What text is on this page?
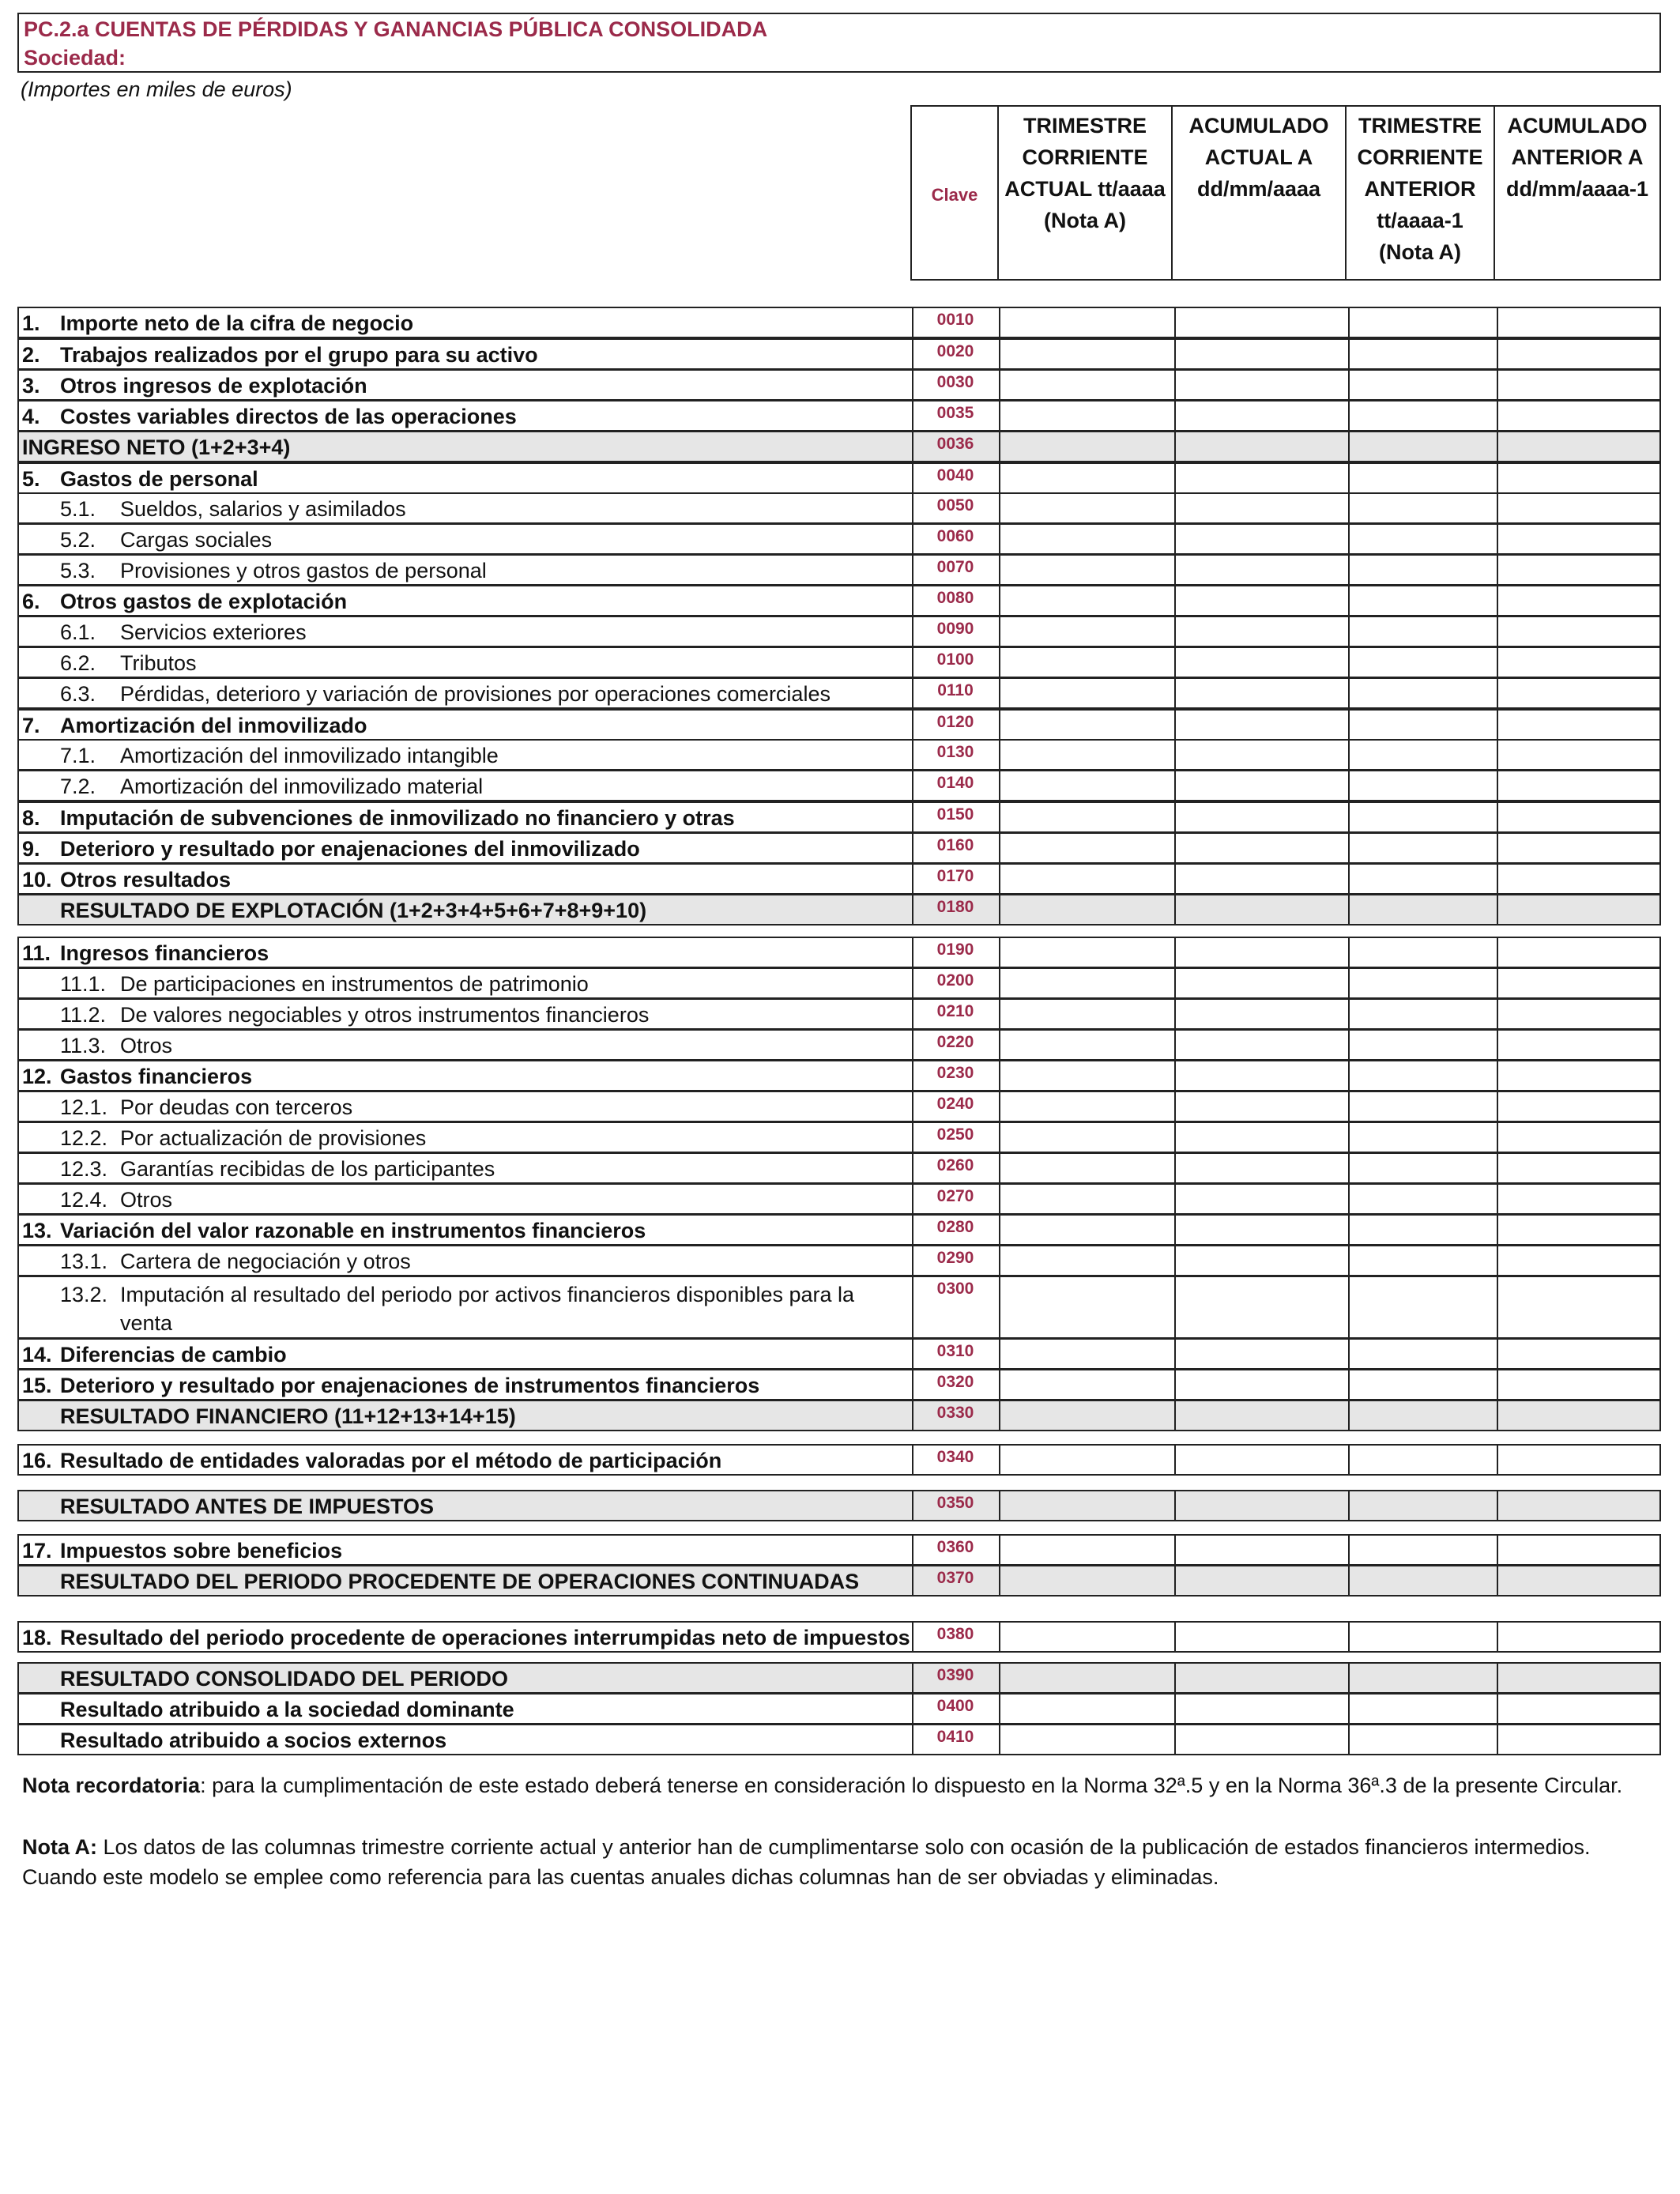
PC.2.a CUENTAS DE PÉRDIDAS Y GANANCIAS PÚBLICA CONSOLIDADA
Sociedad:
(Importes en miles de euros)
Clave
TRIMESTRE
CORRIENTE
ACTUAL tt/aaaa
(Nota A)
ACUMULADO
ACTUAL A
dd/mm/aaaa
TRIMESTRE
CORRIENTE
ANTERIOR
tt/aaaa-1
(Nota A)
ACUMULADO
ANTERIOR A
dd/mm/aaaa-1
1. Importe neto de la cifra de negocio	0010
2. Trabajos realizados por el grupo para su activo	0020
3. Otros ingresos de explotación	0030
4. Costes variables directos de las operaciones	0035
INGRESO NETO (1+2+3+4)	0036
5. Gastos de personal	0040
5.1. Sueldos, salarios y asimilados	0050
5.2. Cargas sociales	0060
5.3. Provisiones y otros gastos de personal	0070
6. Otros gastos de explotación	0080
6.1. Servicios exteriores	0090
6.2. Tributos	0100
6.3. Pérdidas, deterioro y variación de provisiones por operaciones comerciales	0110
7. Amortización del inmovilizado	0120
7.1. Amortización del inmovilizado intangible	0130
7.2. Amortización del inmovilizado material	0140
8. Imputación de subvenciones de inmovilizado no financiero y otras	0150
9. Deterioro y resultado por enajenaciones del inmovilizado	0160
10. Otros resultados	0170
RESULTADO DE EXPLOTACIÓN (1+2+3+4+5+6+7+8+9+10)	0180
11. Ingresos financieros	0190
11.1. De participaciones en instrumentos de patrimonio	0200
11.2. De valores negociables y otros instrumentos financieros	0210
11.3. Otros	0220
12. Gastos financieros	0230
12.1. Por deudas con terceros	0240
12.2. Por actualización de provisiones	0250
12.3. Garantías recibidas de los participantes	0260
12.4. Otros	0270
13. Variación del valor razonable en instrumentos financieros	0280
13.1. Cartera de negociación y otros	0290
13.2. Imputación al resultado del periodo por activos financieros disponibles para la venta
0300
14. Diferencias de cambio	0310
15. Deterioro y resultado por enajenaciones de instrumentos financieros	0320
RESULTADO FINANCIERO (11+12+13+14+15)	0330
16. Resultado de entidades valoradas por el método de participación	0340
RESULTADO ANTES DE IMPUESTOS	0350
17. Impuestos sobre beneficios	0360
RESULTADO DEL PERIODO PROCEDENTE DE OPERACIONES CONTINUADAS	0370
18. Resultado del periodo procedente de operaciones interrumpidas neto de impuestos	0380
RESULTADO CONSOLIDADO DEL PERIODO	0390
Resultado atribuido a la sociedad dominante	0400
Resultado atribuido a socios externos	0410
Nota recordatoria: para la cumplimentación de este estado deberá tenerse en consideración lo dispuesto en la Norma 32ª.5 y en la Norma 36ª.3 de la presente Circular.
Nota A: Los datos de las columnas trimestre corriente actual y anterior han de cumplimentarse solo con ocasión de la publicación de estados financieros intermedios.
Cuando este modelo se emplee como referencia para las cuentas anuales dichas columnas han de ser obviadas y eliminadas.
